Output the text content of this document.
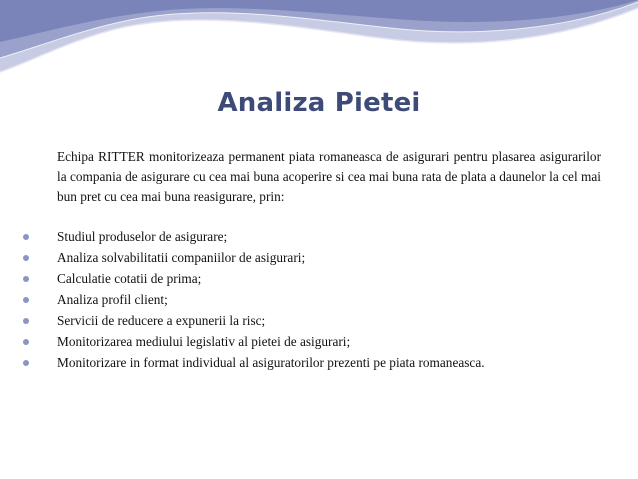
Analiza Pietei
Echipa RITTER monitorizeaza permanent piata romaneasca de asigurari pentru plasarea asigurarilor la compania de asigurare cu cea mai buna acoperire si cea mai buna rata de plata a daunelor la cel mai bun pret cu cea mai buna reasigurare, prin:
Studiul produselor de asigurare;
Analiza solvabilitatii companiilor de asigurari;
Calculatie cotatii de prima;
Analiza profil client;
Servicii de reducere a expunerii la risc;
Monitorizarea mediului legislativ al pietei de asigurari;
Monitorizare in format individual al asiguratorilor prezenti pe piata romaneasca.
